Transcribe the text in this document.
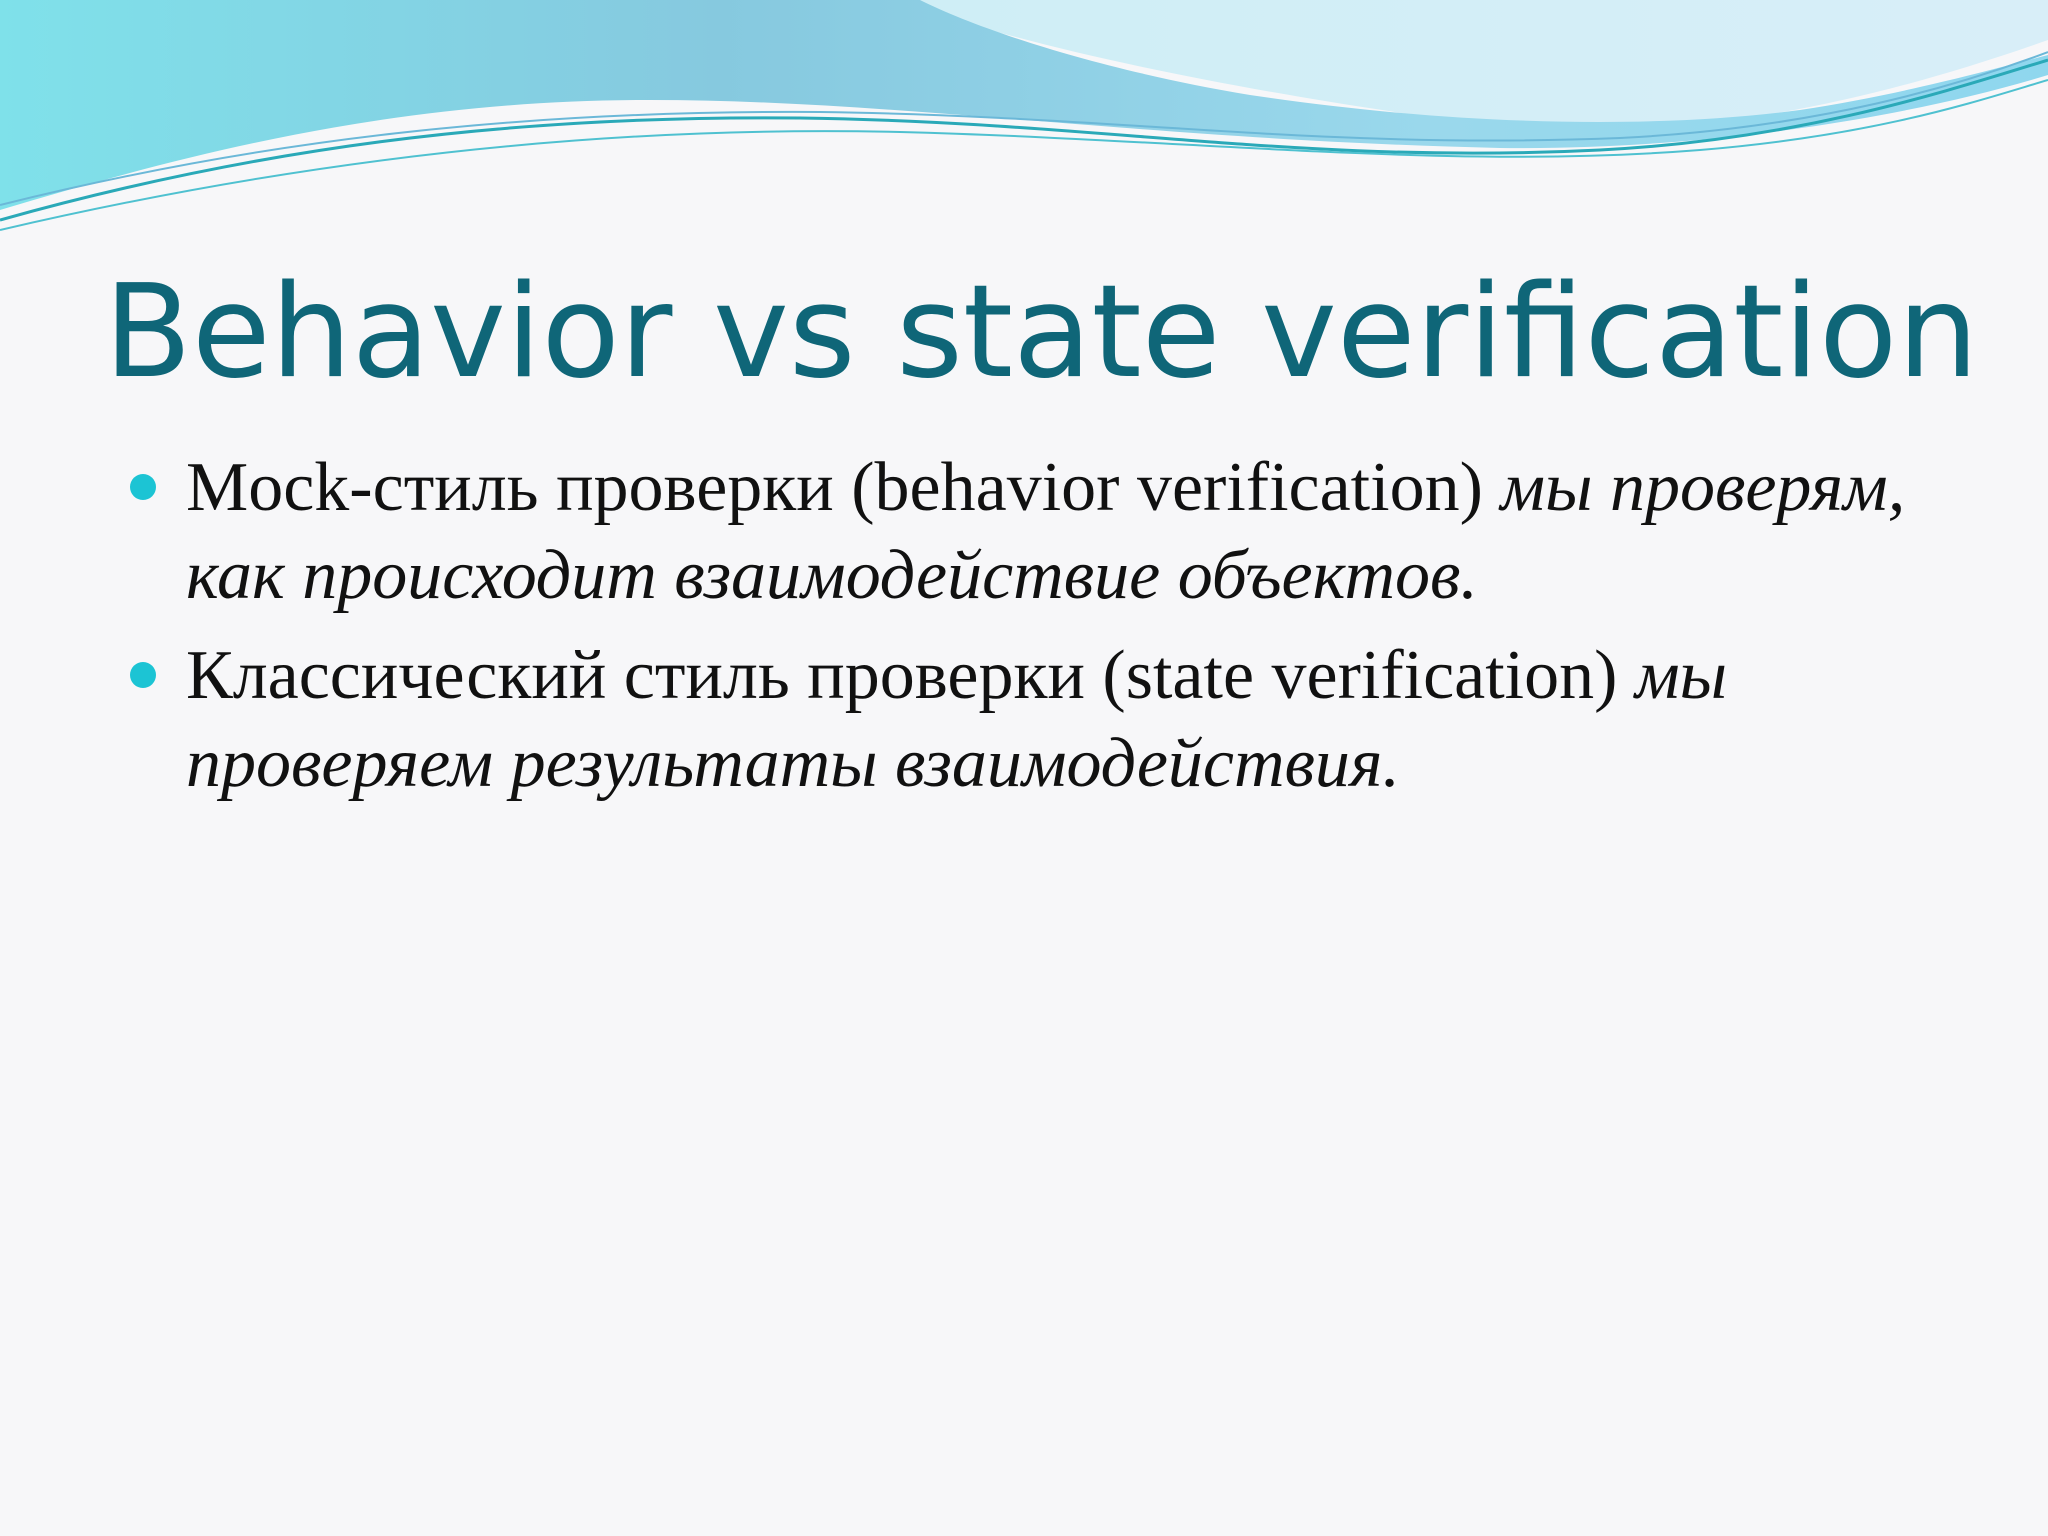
Behavior vs state verification
Mock-стиль проверки (behavior verification) мы проверям, как происходит взаимодействие объектов.
Классический стиль проверки (state verification) мы проверяем результаты взаимодействия.
